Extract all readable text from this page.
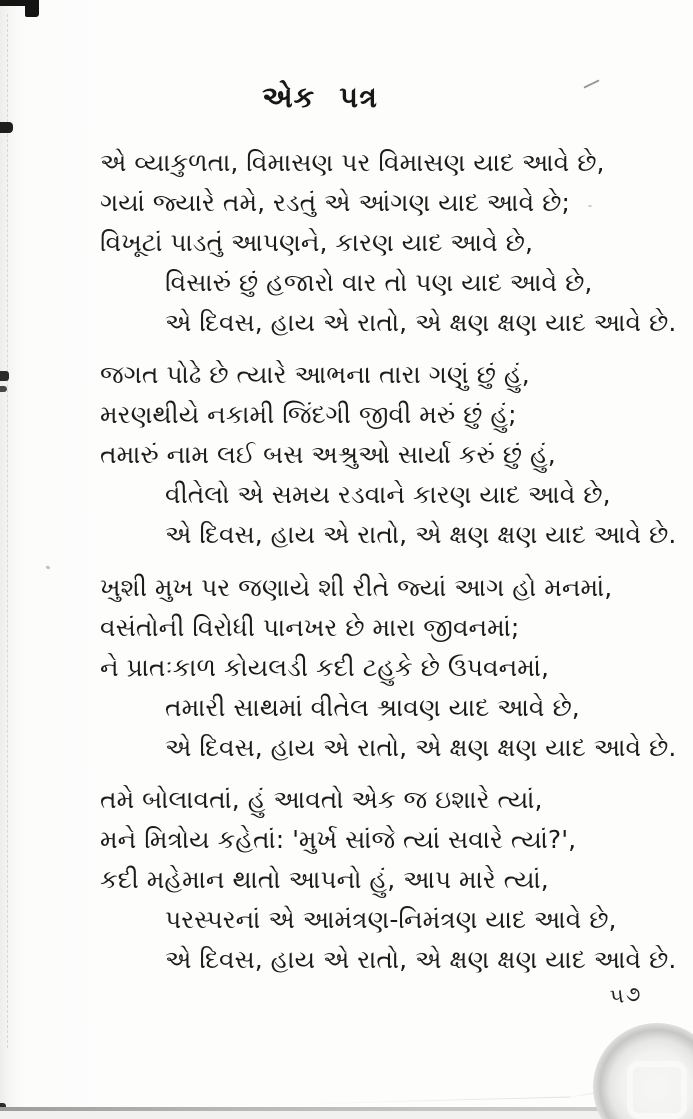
એક પત્ર
એ વ્યાકુળતા, વિમાસણ પર વિમાસણ યાદ આવે છે,
ગયાં જ્યારે તમે, રડતું એ આંગણ યાદ આવે છે;
વિખૂટાં પાડતું આપણને, કારણ યાદ આવે છે,
વિસારું છું હજારો વાર તો પણ યાદ આવે છે,
એ દિવસ, હાય એ રાતો, એ ક્ષણ ક્ષણ યાદ આવે છે.
જગત પોઢે છે ત્યારે આભના તારા ગણું છું હું,
મરણથીયે નકામી જિંદગી જીવી મરું છું હું;
તમારું નામ લઈ બસ અશ્રુઓ સાર્યા કરું છું હું,
વીતેલો એ સમય રડવાને કારણ યાદ આવે છે,
એ દિવસ, હાય એ રાતો, એ ક્ષણ ક્ષણ યાદ આવે છે.
ખુશી મુખ પર જણાયે શી રીતે જ્યાં આગ હો મનમાં,
વસંતોની વિરોધી પાનખર છે મારા જીવનમાં;
ને પ્રાતઃકાળ કોયલડી કદી ટહુકે છે ઉપવનમાં,
તમારી સાથમાં વીતેલ શ્રાવણ યાદ આવે છે,
એ દિવસ, હાય એ રાતો, એ ક્ષણ ક્ષણ યાદ આવે છે.
તમે બોલાવતાં, હું આવતો એક જ ઇશારે ત્યાં,
મને મિત્રોય કહેતાં: 'મુર્ખ સાંજે ત્યાં સવારે ત્યાં?',
કદી મહેમાન થાતો આપનો હું, આપ મારે ત્યાં,
પરસ્પરનાં એ આમંત્રણ-નિમંત્રણ યાદ આવે છે,
એ દિવસ, હાય એ રાતો, એ ક્ષણ ક્ષણ યાદ આવે છે.
૫૭
